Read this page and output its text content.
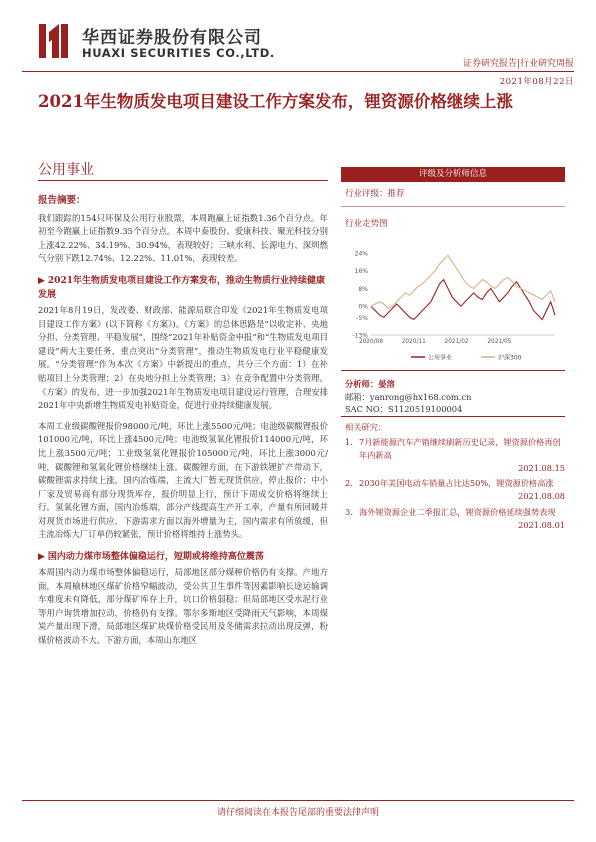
华西证券股份有限公司
HUAXI SECURITIES CO.,LTD.
证券研究报告|行业研究周报
2021年08月22日
2021年生物质发电项目建设工作方案发布，锂资源价格继续上涨
公用事业
报告摘要：

我们跟踪的154只环保及公用行业股票，本周跑赢上证指数1.36个百分点。年初至今跑赢上证指数9.35个百分点。本周中泰股份、爱康科技、聚光科技分别上涨42.22%、34.19%、30.94%，表现较好；三峡水利、长源电力、深圳燃气分别下跌12.74%、12.22%、11.01%，表现较差。

▶ 2021年生物质发电项目建设工作方案发布，推动生物质行业持续健康发展

2021年8月19日，发改委、财政部、能源局联合印发《2021年生物质发电项目建设工作方案》(以下简称《方案》)。《方案》的总体思路是“以收定补、央地分担、分类管理、平稳发展”，围绕“2021年补贴资金申报”和“生物质发电项目建设”两大主要任务，重点突出“分类管理”，推动生物质发电行业平稳健康发展。“分类管理”作为本次《方案》中新提出的重点，共分三个方面：1）在补贴项目上分类管理；2）在央地分担上分类管理；3）在竞争配置中分类管理。《方案》的发布，进一步加强2021年生物质发电项目建设运行管理，合理安排2021年中央新增生物质发电补贴资金，促进行业持续健康发展。

本周工业级碳酸锂报价98000元/吨，环比上涨5500元/吨；电池级碳酸锂报价101000元/吨，环比上涨4500元/吨；电池级氢氧化锂报价114000元/吨，环比上涨3500元/吨；工业级氢氧化锂报价105000元/吨，环比上涨3000元/吨，碳酸锂和氢氧化锂价格继续上涨。碳酸锂方面，在下游铁锂扩产带动下，碳酸锂需求持续上涨，国内冶炼端，主流大厂暂无现货供应，停止报价；中小厂家及贸易商有部分现货库存，报价明显上行，预计下周成交价格将继续上行。氢氧化锂方面，国内冶炼端，部分产线提高生产开工率，产量有所回暖并对现货市场进行供应，下游需求方面以海外增量为主，国内需求有所放缓，但主流冶炼大厂订单仍较紧张，预计价格将维持上涨势头。

▶ 国内动力煤市场整体偏稳运行，短期或将维持高位震荡

本周国内动力煤市场整体偏稳运行，局部地区部分煤种价格仍有支撑。产地方面，本周榆林地区煤矿价格窄幅波动，受公共卫生事件等因素影响长途运输调车难度未有降低，部分煤矿库存上升，坑口价格弱稳；但局部地区受水泥行业等用户询货增加拉动，价格仍有支撑。鄂尔多斯地区受降雨天气影响，本周煤炭产量出现下滑，局部地区煤矿块煤价格受民用及冬储需求拉动出现反弹，粉煤价格波动不大。下游方面，本周山东地区

评级及分析师信息
行业评级：推荐
行业走势图
24%
16%
8%
0%
-5%
-13%
2020/08	2020/11	2021/02	2021/05
公用事业	沪深300
分析师：晏溶
邮箱：yanrong@hx168.com.cn
SAC NO：S1120519100004
相关研究：
1. 7月新能源汽车产销继续刷新历史记录，锂资源价格再创年内新高
2021.08.15
2. 2030年美国电动车销量占比达50%，锂资源价格高涨
2021.08.08
3. 海外锂资源企业二季报汇总，锂资源价格延续强势表现
2021.08.01
请仔细阅读在本报告尾部的重要法律声明
